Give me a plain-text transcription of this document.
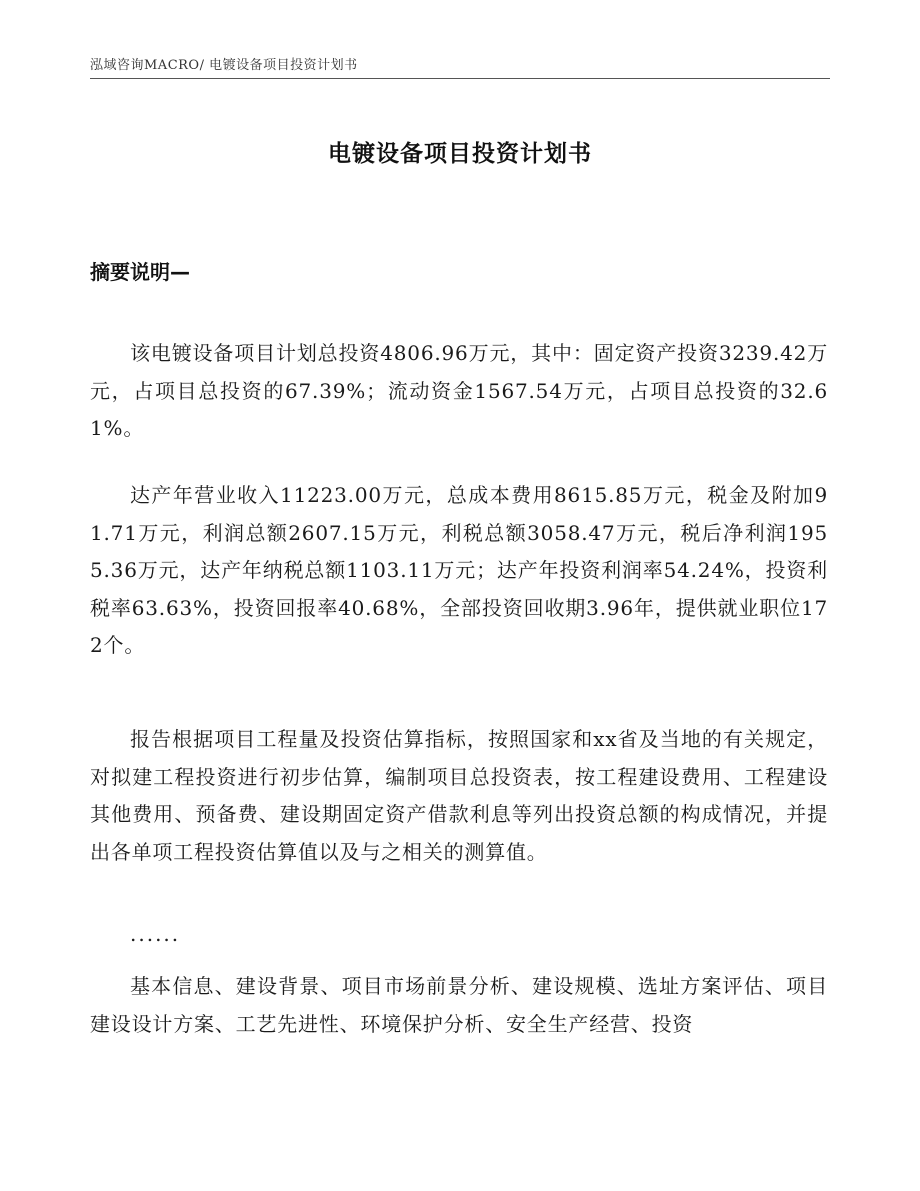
泓域咨询MACRO/ 电镀设备项目投资计划书
电镀设备项目投资计划书
摘要说明—

该电镀设备项目计划总投资4806.96万元，其中：固定资产投资3239.42万元，占项目总投资的67.39%；流动资金1567.54万元，占项目总投资的32.61%。

达产年营业收入11223.00万元，总成本费用8615.85万元，税金及附加91.71万元，利润总额2607.15万元，利税总额3058.47万元，税后净利润1955.36万元，达产年纳税总额1103.11万元；达产年投资利润率54.24%，投资利税率63.63%，投资回报率40.68%，全部投资回收期3.96年，提供就业职位172个。

报告根据项目工程量及投资估算指标，按照国家和xx省及当地的有关规定，对拟建工程投资进行初步估算，编制项目总投资表，按工程建设费用、工程建设其他费用、预备费、建设期固定资产借款利息等列出投资总额的构成情况，并提出各单项工程投资估算值以及与之相关的测算值。

......

基本信息、建设背景、项目市场前景分析、建设规模、选址方案评估、项目建设设计方案、工艺先进性、环境保护分析、安全生产经营、投资
